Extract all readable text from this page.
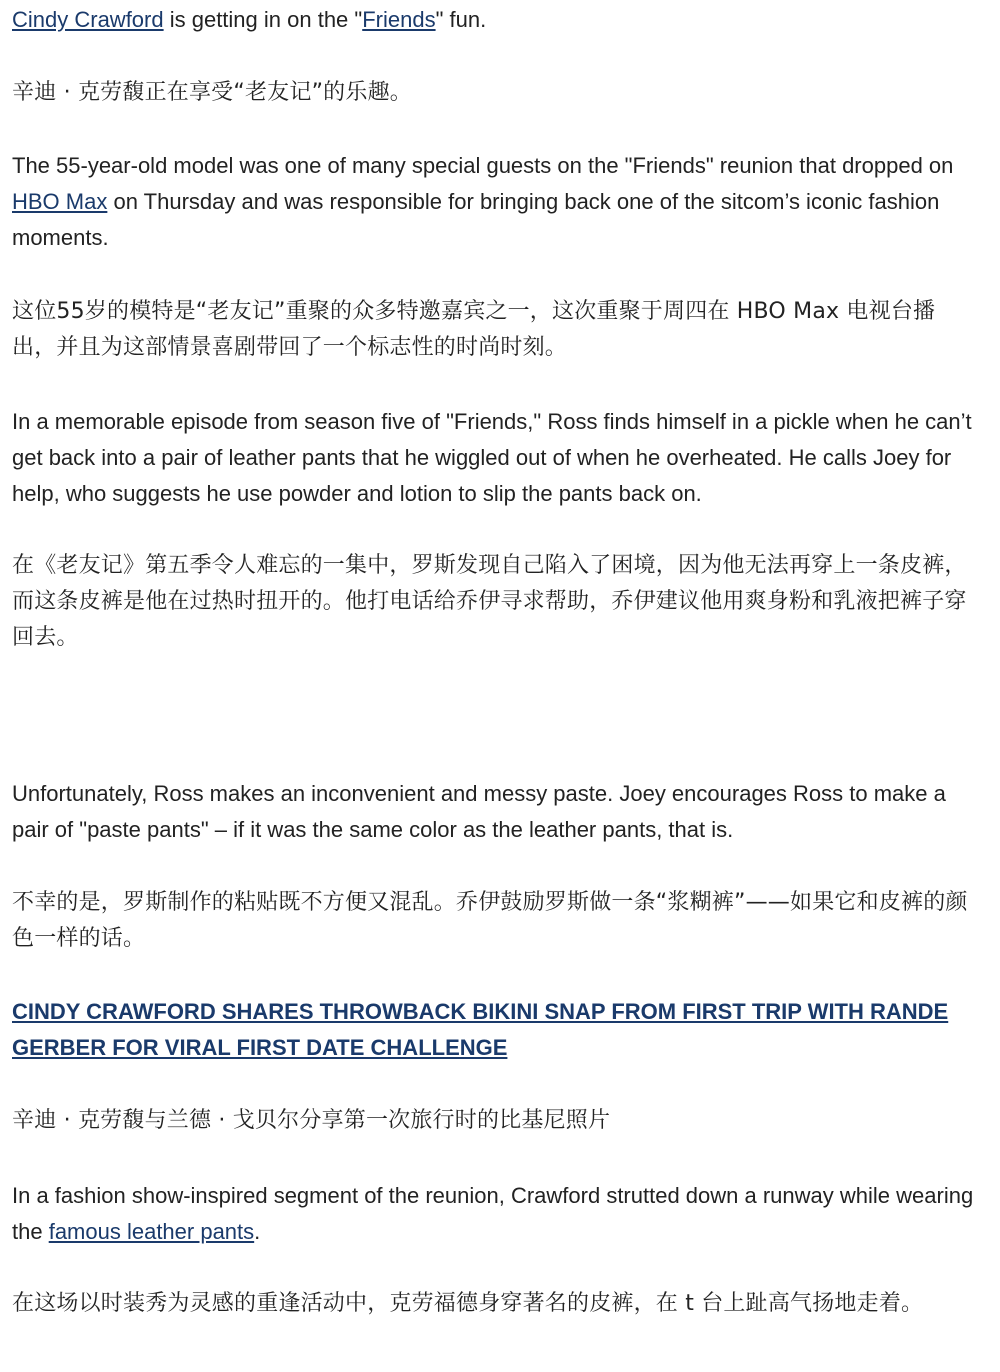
Cindy Crawford is getting in on the "Friends" fun.

辛迪 · 克劳馥正在享受“老友记”的乐趣。

The 55-year-old model was one of many special guests on the "Friends" reunion that dropped on HBO Max on Thursday and was responsible for bringing back one of the sitcom’s iconic fashion moments.

这位55岁的模特是“老友记”重聚的众多特邀嘉宾之一，这次重聚于周四在 HBO Max 电视台播出，并且为这部情景喜剧带回了一个标志性的时尚时刻。

In a memorable episode from season five of "Friends," Ross finds himself in a pickle when he can’t get back into a pair of leather pants that he wiggled out of when he overheated. He calls Joey for help, who suggests he use powder and lotion to slip the pants back on.

在《老友记》第五季令人难忘的一集中，罗斯发现自己陷入了困境，因为他无法再穿上一条皮裤，而这条皮裤是他在过热时扭开的。他打电话给乔伊寻求帮助，乔伊建议他用爽身粉和乳液把裤子穿回去。

Unfortunately, Ross makes an inconvenient and messy paste. Joey encourages Ross to make a pair of "paste pants" – if it was the same color as the leather pants, that is.

不幸的是，罗斯制作的粘贴既不方便又混乱。乔伊鼓励罗斯做一条“浆糊裤”——如果它和皮裤的颜色一样的话。

CINDY CRAWFORD SHARES THROWBACK BIKINI SNAP FROM FIRST TRIP WITH RANDE GERBER FOR VIRAL FIRST DATE CHALLENGE

辛迪 · 克劳馥与兰德 · 戈贝尔分享第一次旅行时的比基尼照片

In a fashion show-inspired segment of the reunion, Crawford strutted down a runway while wearing the famous leather pants.

在这场以时装秀为灵感的重逢活动中，克劳福德身穿著名的皮裤，在 t 台上趾高气扬地走着。
